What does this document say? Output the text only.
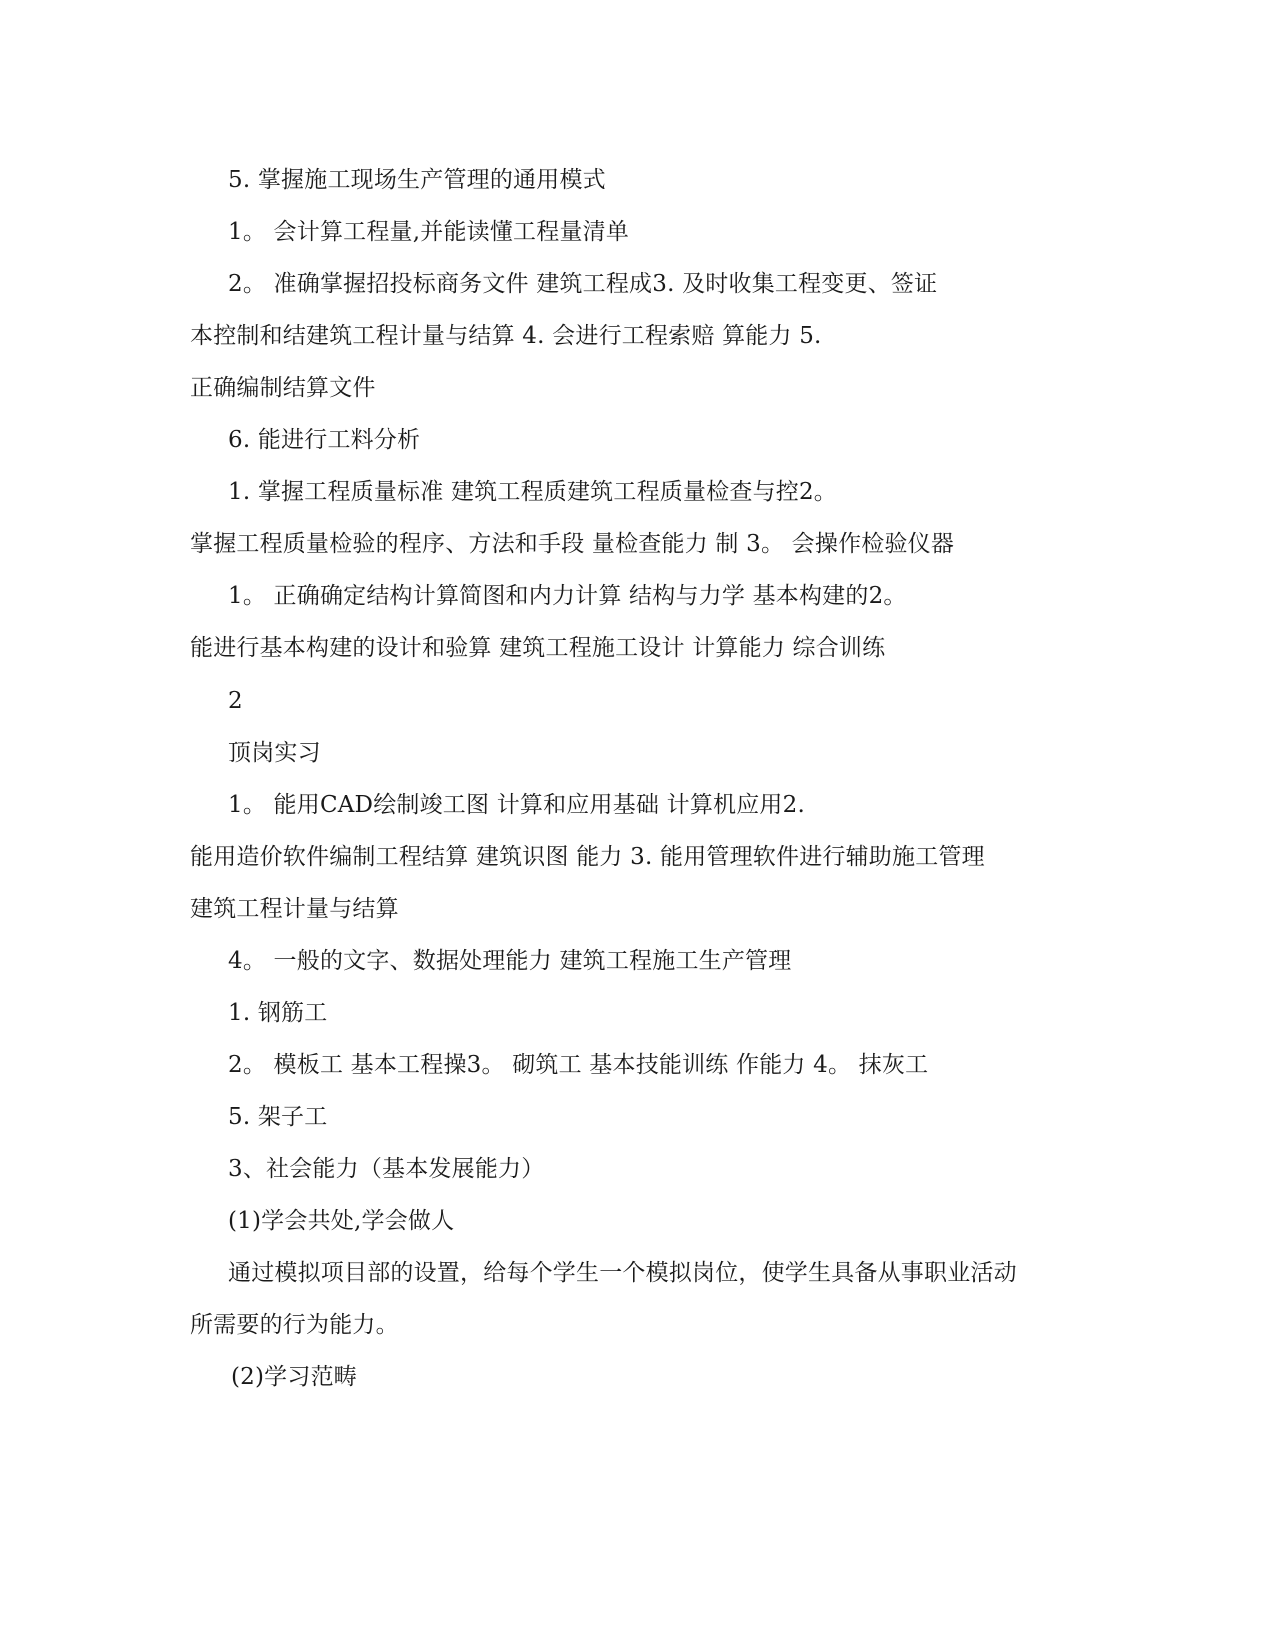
5. 掌握施工现场生产管理的通用模式
1。 会计算工程量,并能读懂工程量清单
2。 准确掌握招投标商务文件 建筑工程成3. 及时收集工程变更、签证
本控制和结建筑工程计量与结算 4. 会进行工程索赔 算能力 5.
正确编制结算文件
6. 能进行工料分析
1. 掌握工程质量标准 建筑工程质建筑工程质量检查与控2。
掌握工程质量检验的程序、方法和手段 量检查能力 制 3。 会操作检验仪器
1。 正确确定结构计算简图和内力计算 结构与力学 基本构建的2。
能进行基本构建的设计和验算 建筑工程施工设计 计算能力 综合训练
2
顶岗实习
1。 能用CAD绘制竣工图 计算和应用基础 计算机应用2.
能用造价软件编制工程结算 建筑识图 能力 3. 能用管理软件进行辅助施工管理
建筑工程计量与结算
4。 一般的文字、数据处理能力 建筑工程施工生产管理
1. 钢筋工
2。 模板工 基本工程操3。 砌筑工 基本技能训练 作能力 4。 抹灰工
5. 架子工
3、社会能力（基本发展能力）
(1)学会共处,学会做人
通过模拟项目部的设置，给每个学生一个模拟岗位，使学生具备从事职业活动
所需要的行为能力。
(2)学习范畴
